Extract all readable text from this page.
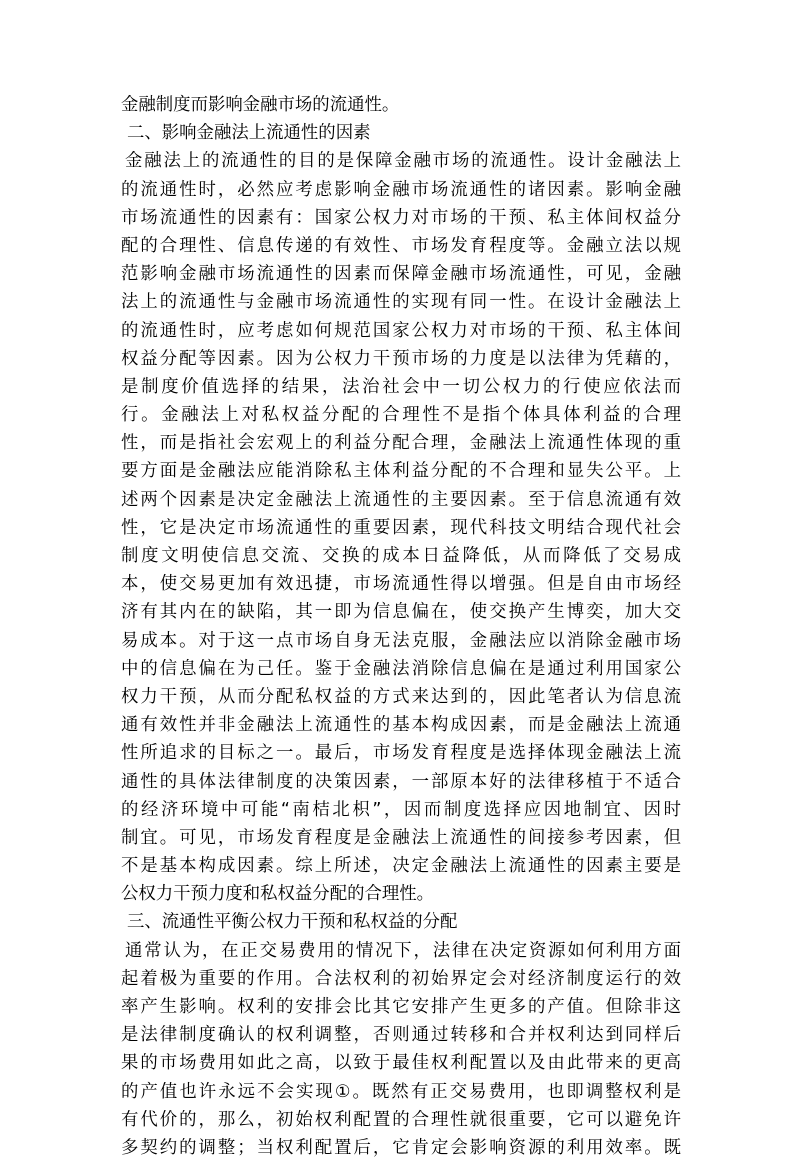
金融制度而影响金融市场的流通性。
二、影响金融法上流通性的因素
金融法上的流通性的目的是保障金融市场的流通性。设计金融法上
的流通性时，必然应考虑影响金融市场流通性的诸因素。影响金融
市场流通性的因素有：国家公权力对市场的干预、私主体间权益分
配的合理性、信息传递的有效性、市场发育程度等。金融立法以规
范影响金融市场流通性的因素而保障金融市场流通性，可见，金融
法上的流通性与金融市场流通性的实现有同一性。在设计金融法上
的流通性时，应考虑如何规范国家公权力对市场的干预、私主体间
权益分配等因素。因为公权力干预市场的力度是以法律为凭藉的，
是制度价值选择的结果，法治社会中一切公权力的行使应依法而
行。金融法上对私权益分配的合理性不是指个体具体利益的合理
性，而是指社会宏观上的利益分配合理，金融法上流通性体现的重
要方面是金融法应能消除私主体利益分配的不合理和显失公平。上
述两个因素是决定金融法上流通性的主要因素。至于信息流通有效
性，它是决定市场流通性的重要因素，现代科技文明结合现代社会
制度文明使信息交流、交换的成本日益降低，从而降低了交易成
本，使交易更加有效迅捷，市场流通性得以增强。但是自由市场经
济有其内在的缺陷，其一即为信息偏在，使交换产生博奕，加大交
易成本。对于这一点市场自身无法克服，金融法应以消除金融市场
中的信息偏在为己任。鉴于金融法消除信息偏在是通过利用国家公
权力干预，从而分配私权益的方式来达到的，因此笔者认为信息流
通有效性并非金融法上流通性的基本构成因素，而是金融法上流通
性所追求的目标之一。最后，市场发育程度是选择体现金融法上流
通性的具体法律制度的决策因素，一部原本好的法律移植于不适合
的经济环境中可能“南桔北枳”，因而制度选择应因地制宜、因时
制宜。可见，市场发育程度是金融法上流通性的间接参考因素，但
不是基本构成因素。综上所述，决定金融法上流通性的因素主要是
公权力干预力度和私权益分配的合理性。
三、流通性平衡公权力干预和私权益的分配
通常认为，在正交易费用的情况下，法律在决定资源如何利用方面
起着极为重要的作用。合法权利的初始界定会对经济制度运行的效
率产生影响。权利的安排会比其它安排产生更多的产值。但除非这
是法律制度确认的权利调整，否则通过转移和合并权利达到同样后
果的市场费用如此之高，以致于最佳权利配置以及由此带来的更高
的产值也许永远不会实现①。既然有正交易费用，也即调整权利是
有代价的，那么，初始权利配置的合理性就很重要，它可以避免许
多契约的调整；当权利配置后，它肯定会影响资源的利用效率。既
